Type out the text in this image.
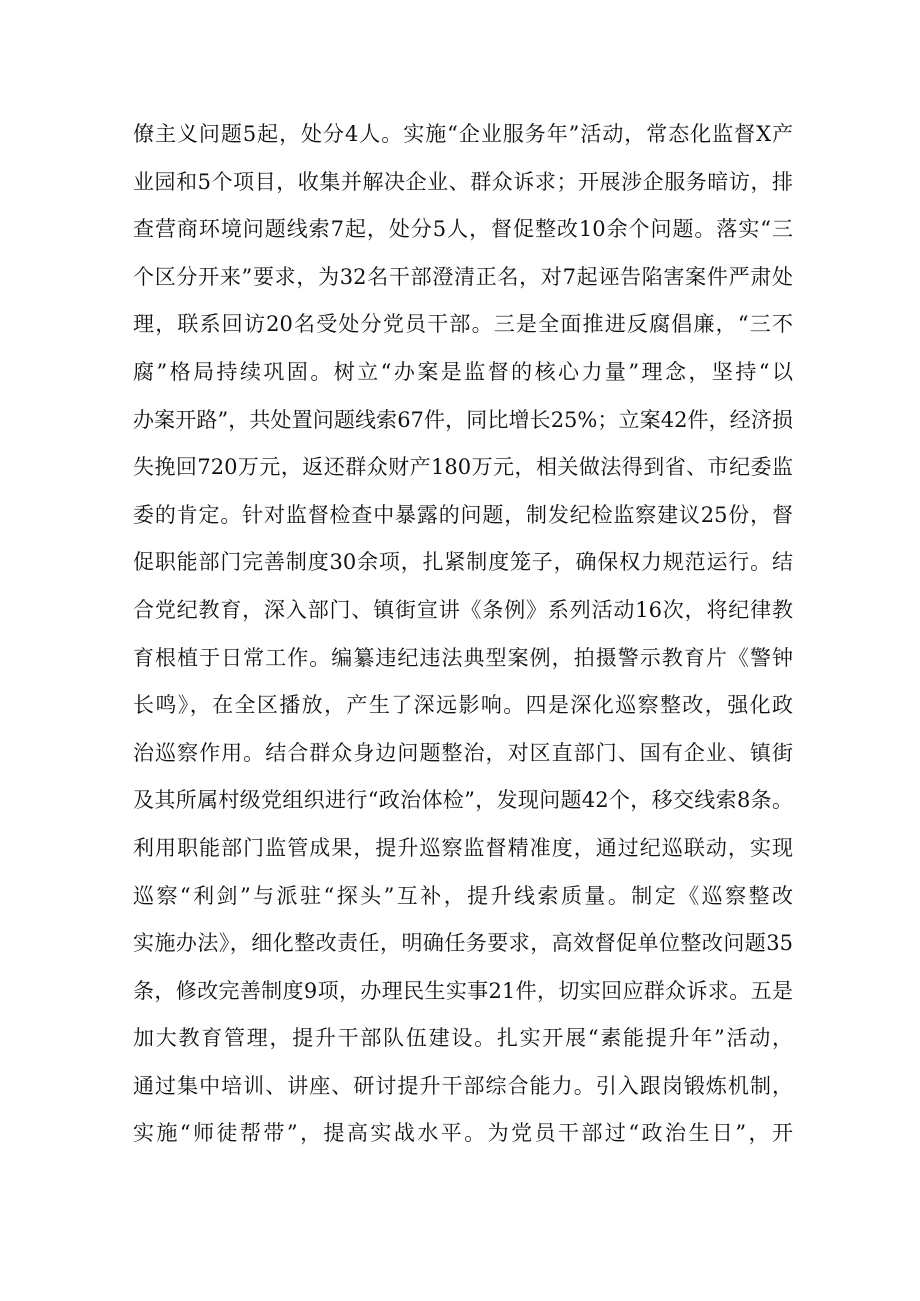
僚主义问题5起，处分4人。实施“企业服务年”活动，常态化监督X产
业园和5个项目，收集并解决企业、群众诉求；开展涉企服务暗访，排
查营商环境问题线索7起，处分5人，督促整改10余个问题。落实“三
个区分开来”要求，为32名干部澄清正名，对7起诬告陷害案件严肃处
理，联系回访20名受处分党员干部。三是全面推进反腐倡廉，“三不
腐”格局持续巩固。树立“办案是监督的核心力量”理念，坚持“以
办案开路”，共处置问题线索67件，同比增长25%；立案42件，经济损
失挽回720万元，返还群众财产180万元，相关做法得到省、市纪委监
委的肯定。针对监督检查中暴露的问题，制发纪检监察建议25份，督
促职能部门完善制度30余项，扎紧制度笼子，确保权力规范运行。结
合党纪教育，深入部门、镇街宣讲《条例》系列活动16次，将纪律教
育根植于日常工作。编纂违纪违法典型案例，拍摄警示教育片《警钟
长鸣》，在全区播放，产生了深远影响。四是深化巡察整改，强化政
治巡察作用。结合群众身边问题整治，对区直部门、国有企业、镇街
及其所属村级党组织进行“政治体检”，发现问题42个，移交线索8条。
利用职能部门监管成果，提升巡察监督精准度，通过纪巡联动，实现
巡察“利剑”与派驻“探头”互补，提升线索质量。制定《巡察整改
实施办法》，细化整改责任，明确任务要求，高效督促单位整改问题35
条，修改完善制度9项，办理民生实事21件，切实回应群众诉求。五是
加大教育管理，提升干部队伍建设。扎实开展“素能提升年”活动，
通过集中培训、讲座、研讨提升干部综合能力。引入跟岗锻炼机制，
实施“师徒帮带”，提高实战水平。为党员干部过“政治生日”，开
